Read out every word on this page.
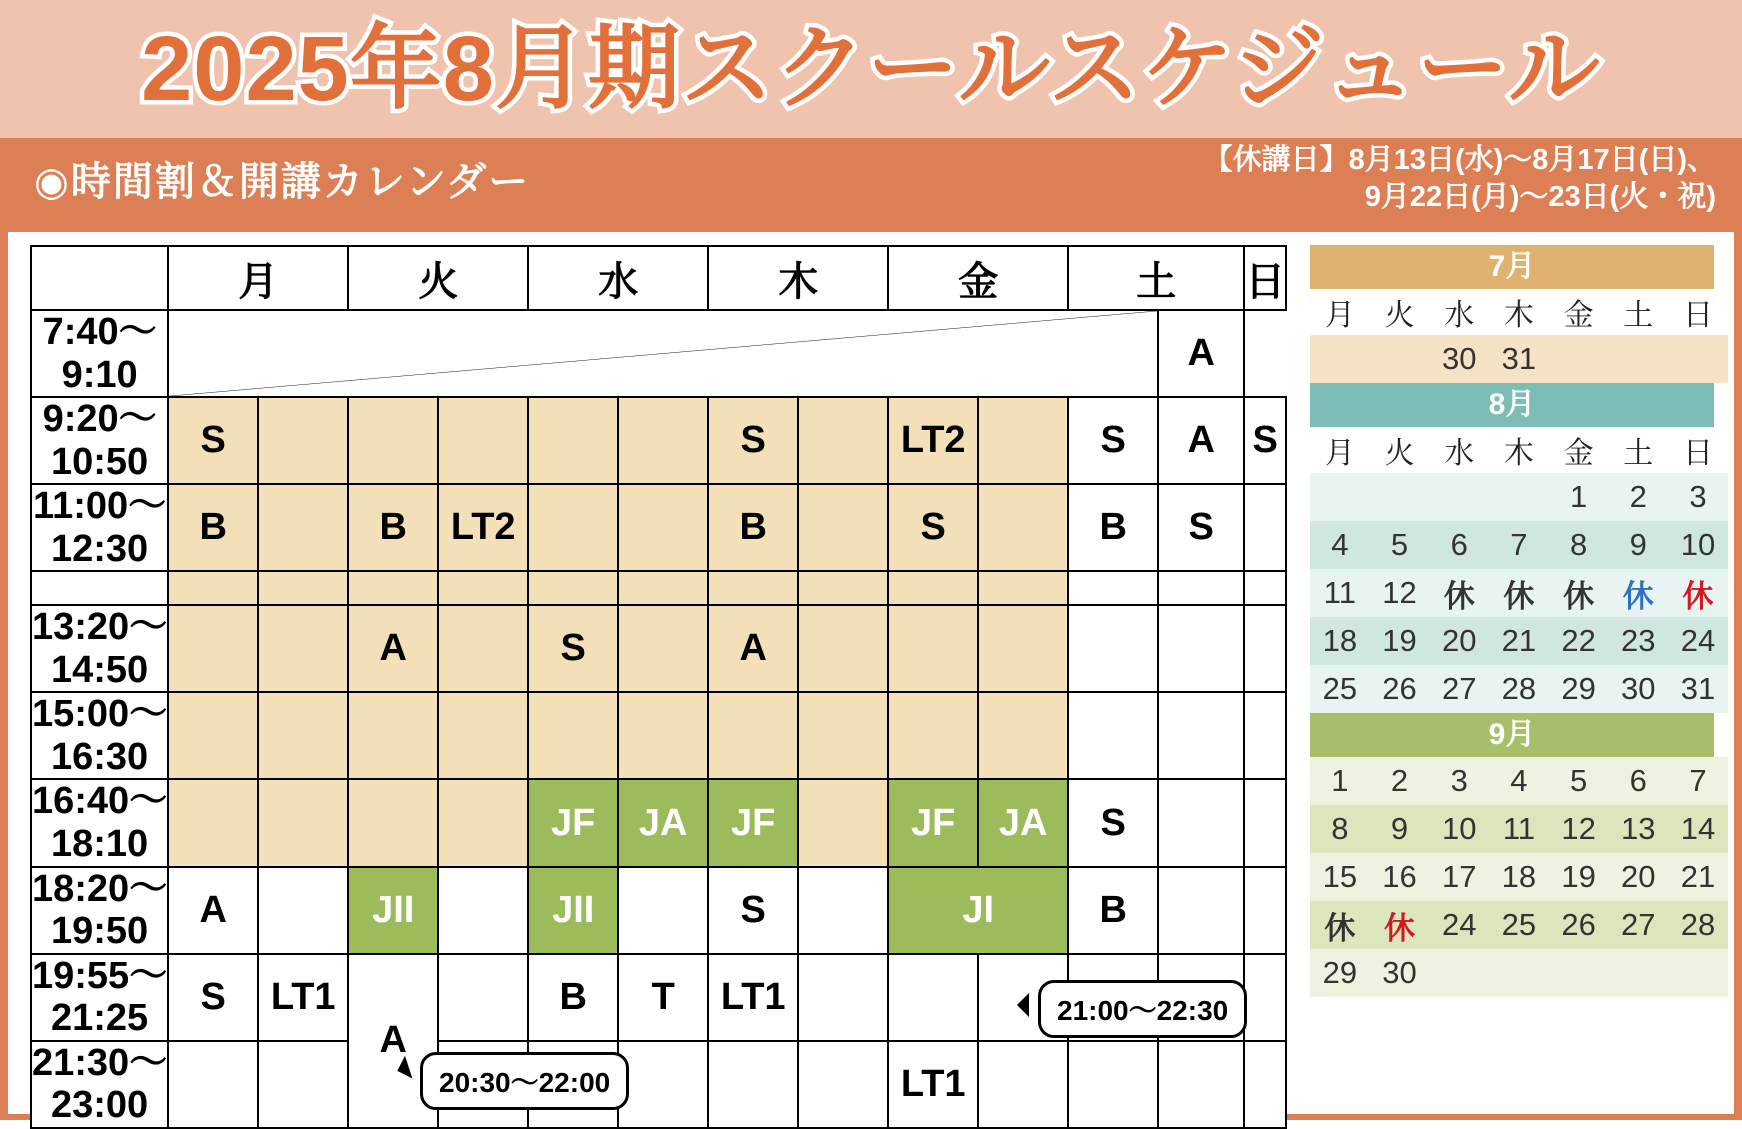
2025年8月期スクールスケジュール
◉時間割＆開講カレンダー	【休講日】8月13日(水)〜8月17日(日)、
9月22日(月)〜23日(火・祝)
	月		火		水		木		金		土		日

7:40〜
9:10												A	

9:20〜
10:50	S						S		LT2		S	A	S

11:00〜
12:30	B		B	LT2			B		S		B	S	

13:20〜
14:50			A		S		A						

15:00〜
16:30													

16:40〜
18:10					JF	JA	JF		JF	JA	S		

18:20〜
19:50	A		JII		JII		S		JI		B		

19:55〜
21:25	S	LT1	A		B	T	LT1						

21:30〜
23:00									LT1				
20:30〜22:00
21:00〜22:30
7月
月	火	水	木	金	土	日
		30	31			
8月
月	火	水	木	金	土	日
				1	2	3
4	5	6	7	8	9	10
11	12	休	休	休	休	休
18	19	20	21	22	23	24
25	26	27	28	29	30	31
9月
1	2	3	4	5	6	7
8	9	10	11	12	13	14
15	16	17	18	19	20	21
休	休	24	25	26	27	28
29	30					
